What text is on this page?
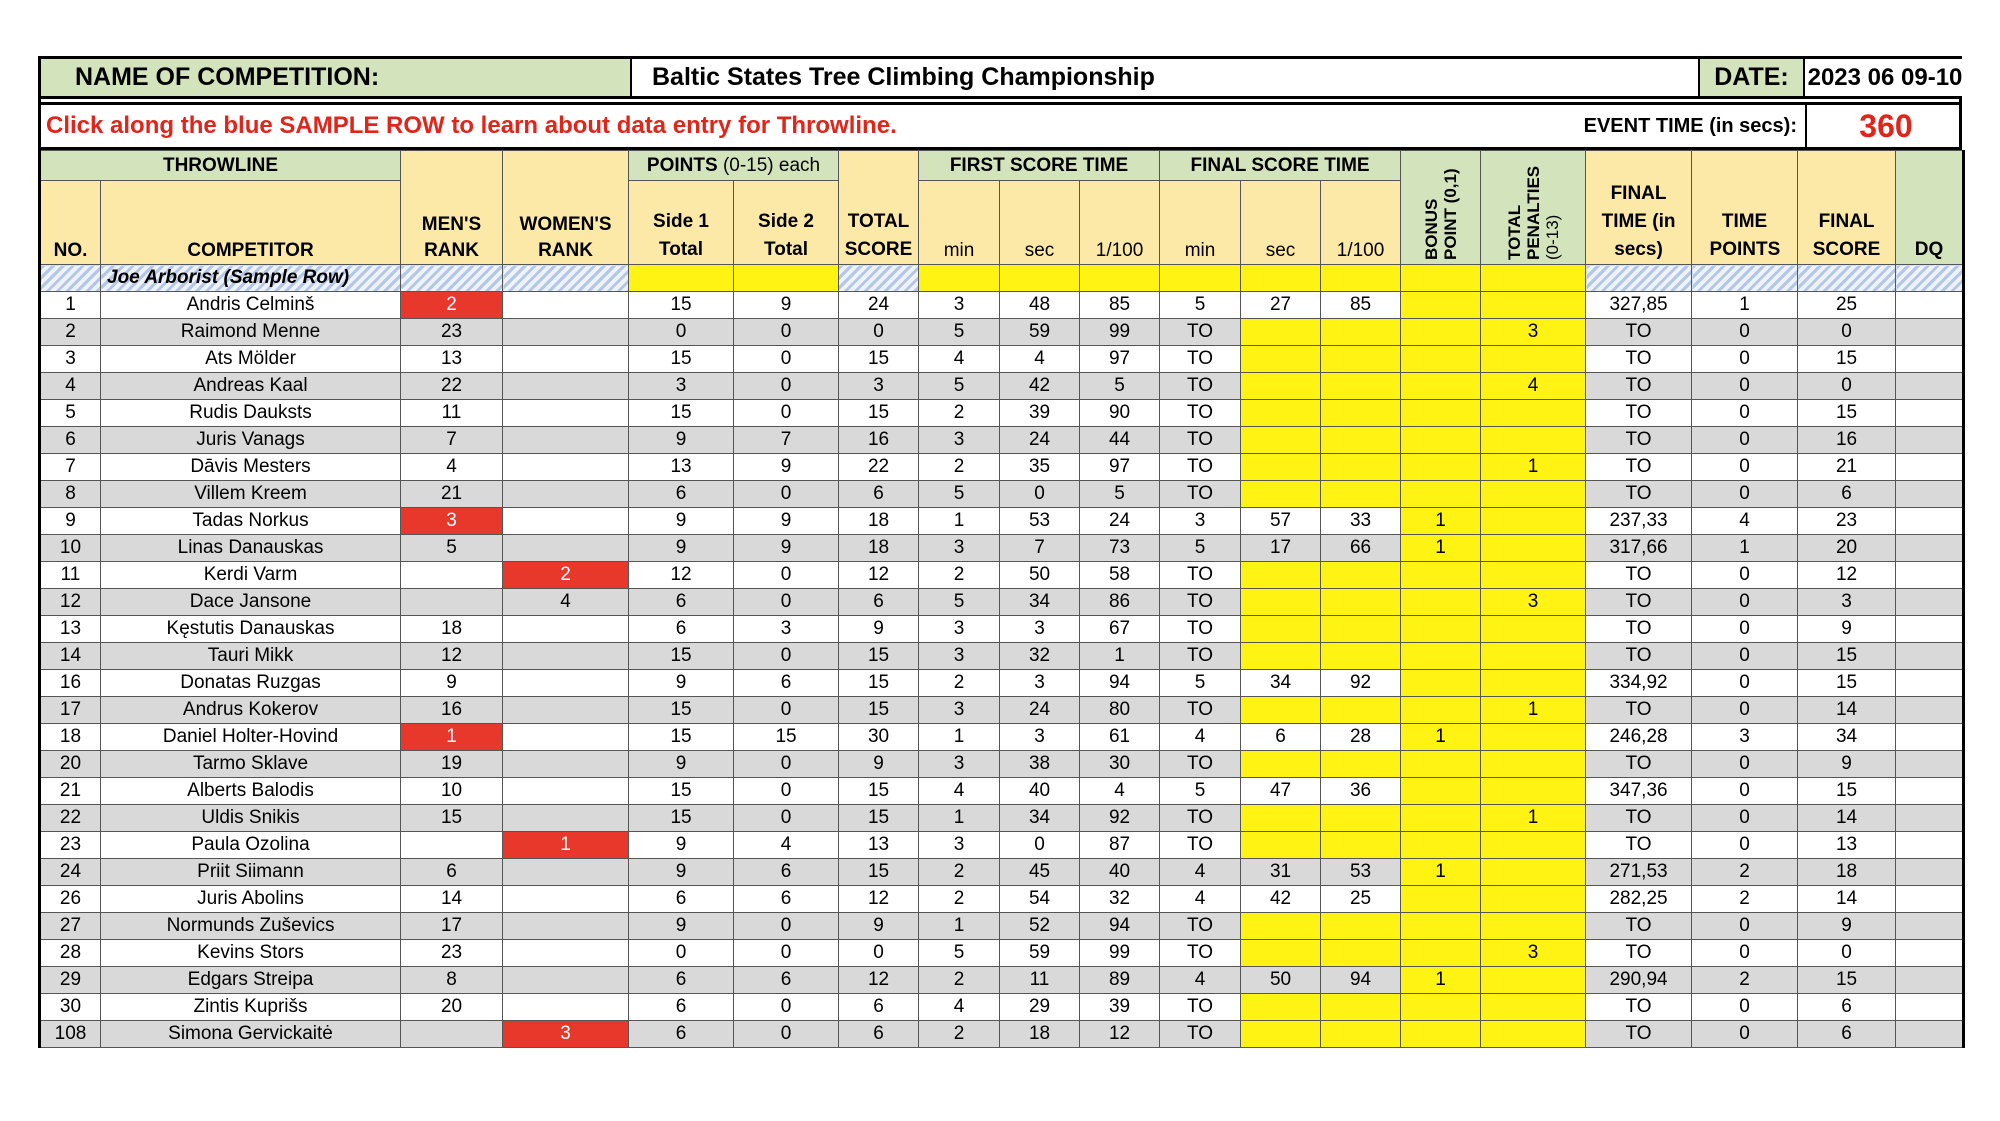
NAME OF COMPETITION:	Baltic States Tree Climbing Championship	DATE: 2023 06 09-10
Click along the blue SAMPLE ROW to learn about data entry for Throwline.	EVENT TIME (in secs):	360
THROWLINE		MEN'S RANK	WOMEN'S RANK	POINTS (0-15) each		TOTAL SCORE	FIRST SCORE TIME			FINAL SCORE TIME			BONUS POINT (0,1)	TOTAL PENALTIES (0-13)	FINAL TIME (in secs)	TIME POINTS	FINAL SCORE	DQ
NO.	COMPETITOR			Side 1 Total	Side 2 Total		min	sec	1/100	min	sec	1/100						
	Joe Arborist (Sample Row)																	
1	Andris Celminš	2		15	9	24	3	48	85	5	27	85			327,85	1	25	
2	Raimond Menne	23		0	0	0	5	59	99	TO				3	TO	0	0	
3	Ats Mölder	13		15	0	15	4	4	97	TO					TO	0	15	
4	Andreas Kaal	22		3	0	3	5	42	5	TO				4	TO	0	0	
5	Rudis Dauksts	11		15	0	15	2	39	90	TO					TO	0	15	
6	Juris Vanags	7		9	7	16	3	24	44	TO					TO	0	16	
7	Dāvis Mesters	4		13	9	22	2	35	97	TO				1	TO	0	21	
8	Villem Kreem	21		6	0	6	5	0	5	TO					TO	0	6	
9	Tadas Norkus	3		9	9	18	1	53	24	3	57	33	1		237,33	4	23	
10	Linas Danauskas	5		9	9	18	3	7	73	5	17	66	1		317,66	1	20	
11	Kerdi Varm		2	12	0	12	2	50	58	TO					TO	0	12	
12	Dace Jansone		4	6	0	6	5	34	86	TO				3	TO	0	3	
13	Kęstutis Danauskas	18		6	3	9	3	3	67	TO					TO	0	9	
14	Tauri Mikk	12		15	0	15	3	32	1	TO					TO	0	15	
16	Donatas Ruzgas	9		9	6	15	2	3	94	5	34	92			334,92	0	15	
17	Andrus Kokerov	16		15	0	15	3	24	80	TO				1	TO	0	14	
18	Daniel Holter-Hovind	1		15	15	30	1	3	61	4	6	28	1		246,28	3	34	
20	Tarmo Sklave	19		9	0	9	3	38	30	TO					TO	0	9	
21	Alberts Balodis	10		15	0	15	4	40	4	5	47	36			347,36	0	15	
22	Uldis Snikis	15		15	0	15	1	34	92	TO				1	TO	0	14	
23	Paula Ozolina		1	9	4	13	3	0	87	TO					TO	0	13	
24	Priit Siimann	6		9	6	15	2	45	40	4	31	53	1		271,53	2	18	
26	Juris Abolins	14		6	6	12	2	54	32	4	42	25			282,25	2	14	
27	Normunds Zuševics	17		9	0	9	1	52	94	TO					TO	0	9	
28	Kevins Stors	23		0	0	0	5	59	99	TO				3	TO	0	0	
29	Edgars Streipa	8		6	6	12	2	11	89	4	50	94	1		290,94	2	15	
30	Zintis Kuprišs	20		6	0	6	4	29	39	TO					TO	0	6	
108	Simona Gervickaitė		3	6	0	6	2	18	12	TO					TO	0	6	
